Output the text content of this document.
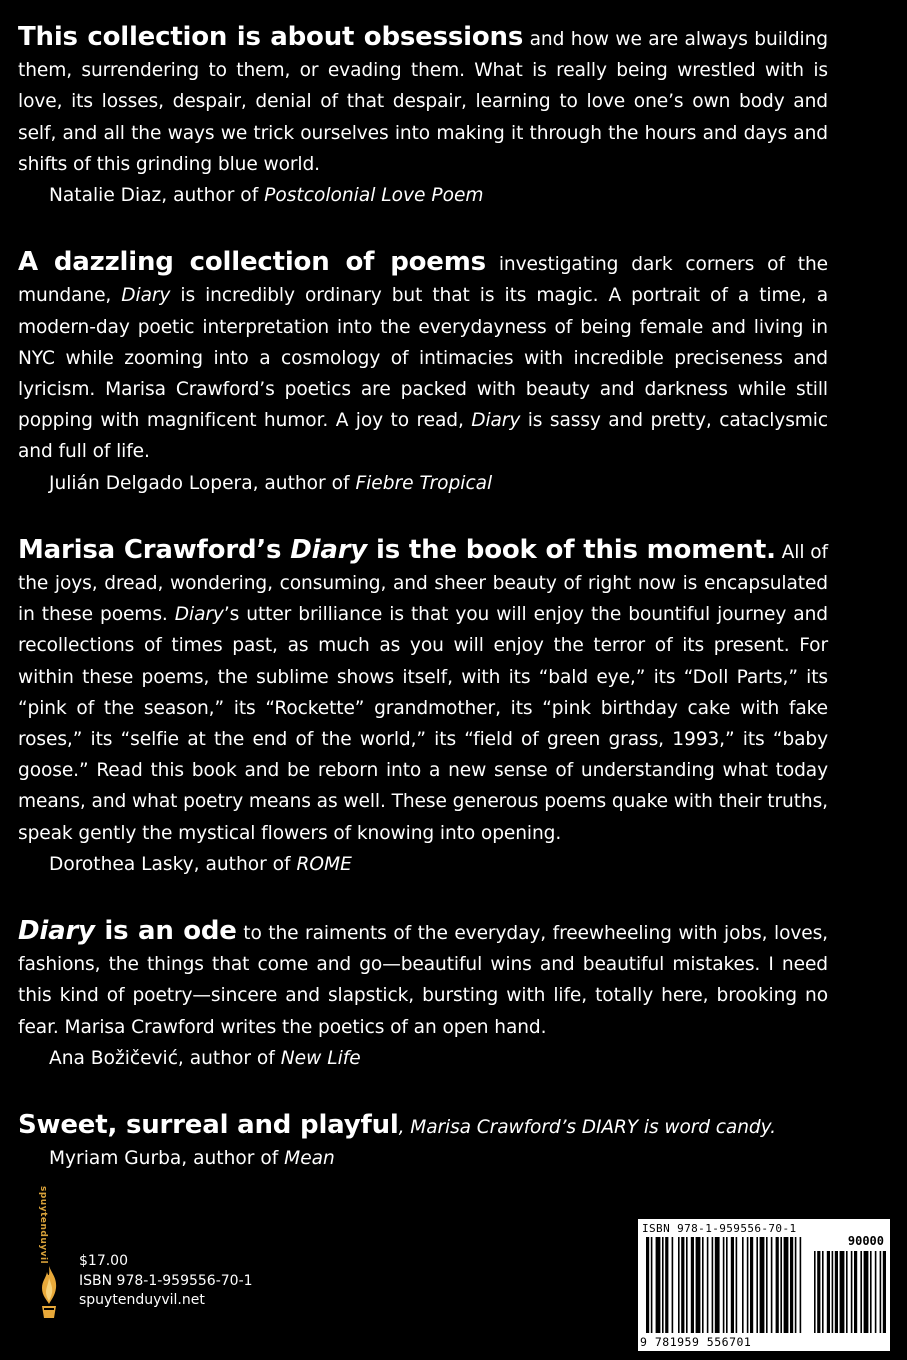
This collection is about obsessions and how we are always building them, surrendering to them, or evading them. What is really being wrestled with is love, its losses, despair, denial of that despair, learning to love one’s own body and self, and all the ways we trick ourselves into making it through the hours and days and shifts of this grinding blue world.

Natalie Diaz, author of Postcolonial Love Poem

A dazzling collection of poems investigating dark corners of the mundane, Diary is incredibly ordinary but that is its magic. A portrait of a time, a modern-day poetic interpretation into the everydayness of being female and living in NYC while zooming into a cosmology of intimacies with incredible preciseness and lyricism. Marisa Crawford’s poetics are packed with beauty and darkness while still popping with magnificent humor. A joy to read, Diary is sassy and pretty, cataclysmic and full of life.

Julián Delgado Lopera, author of Fiebre Tropical

Marisa Crawford’s Diary is the book of this moment. All of the joys, dread, wondering, consuming, and sheer beauty of right now is encapsulated in these poems. Diary’s utter brilliance is that you will enjoy the bountiful journey and recollections of times past, as much as you will enjoy the terror of its present. For within these poems, the sublime shows itself, with its “bald eye,” its “Doll Parts,” its “pink of the season,” its “Rockette” grandmother, its “pink birthday cake with fake roses,” its “selfie at the end of the world,” its “field of green grass, 1993,” its “baby goose.” Read this book and be reborn into a new sense of understanding what today means, and what poetry means as well. These generous poems quake with their truths, speak gently the mystical flowers of knowing into opening.

Dorothea Lasky, author of ROME

Diary is an ode to the raiments of the everyday, freewheeling with jobs, loves, fashions, the things that come and go—beautiful wins and beautiful mistakes. I need this kind of poetry—sincere and slapstick, bursting with life, totally here, brooking no fear. Marisa Crawford writes the poetics of an open hand.

Ana Božičević, author of New Life

Sweet, surreal and playful, Marisa Crawford’s DIARY is word candy.

Myriam Gurba, author of Mean

spuytenduyvil $17.00
ISBN 978-1-959556-70-1
spuytenduyvil.net
ISBN 978-1-959556-70-1
90000
9 781959 556701
